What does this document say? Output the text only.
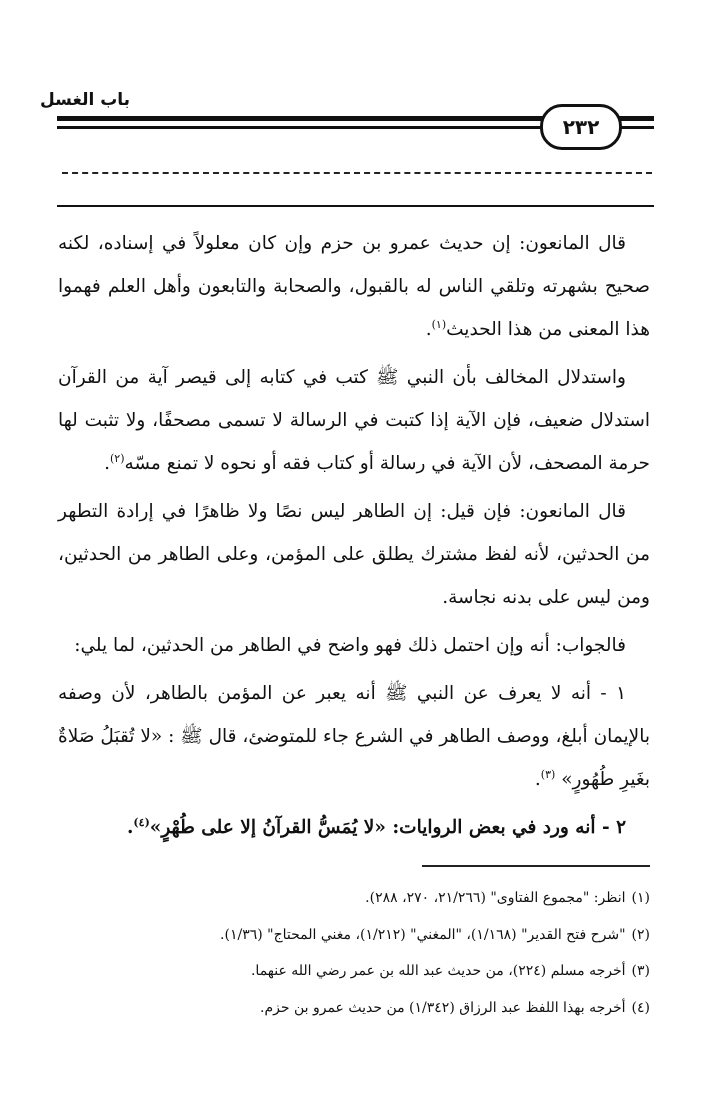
باب الغسل
٢٣٢

قال المانعون: إن حديث عمرو بن حزم وإن كان معلولاً في إسناده، لكنه صحيح بشهرته وتلقي الناس له بالقبول، والصحابة والتابعون وأهل العلم فهموا هذا المعنى من هذا الحديث$^{(١)}$.

واستدلال المخالف بأن النبي ﷺ كتب في كتابه إلى قيصر آية من القرآن استدلال ضعيف، فإن الآية إذا كتبت في الرسالة لا تسمى مصحفًا، ولا تثبت لها حرمة المصحف، لأن الآية في رسالة أو كتاب فقه أو نحوه لا تمنع مسّه$^{(٢)}$.

قال المانعون: فإن قيل: إن الطاهر ليس نصًا ولا ظاهرًا في إرادة التطهر من الحدثين، لأنه لفظ مشترك يطلق على المؤمن، وعلى الطاهر من الحدثين، ومن ليس على بدنه نجاسة.

فالجواب: أنه وإن احتمل ذلك فهو واضح في الطاهر من الحدثين، لما يلي:

١ - أنه لا يعرف عن النبي ﷺ أنه يعبر عن المؤمن بالطاهر، لأن وصفه بالإيمان أبلغ، ووصف الطاهر في الشرع جاء للمتوضئ، قال ﷺ : «لا تُقبَلُ صَلاةٌ بغَيرِ طُهُورٍ» $^{(٣)}$.

٢ - أنه ورد في بعض الروايات: «لا يُمَسُّ القرآنُ إلا على طُهْرٍ»$^{(٤)}$.

(١)
انظر: "مجموع الفتاوى" (٢١/٢٦٦، ٢٧٠، ٢٨٨).
(٢)
"شرح فتح القدير" (١/١٦٨)، "المغني" (١/٢١٢)، مغني المحتاج" (١/٣٦).
(٣)
أخرجه مسلم (٢٢٤)، من حديث عبد الله بن عمر رضي الله عنهما.
(٤)
أخرجه بهذا اللفظ عبد الرزاق (١/٣٤٢) من حديث عمرو بن حزم.
